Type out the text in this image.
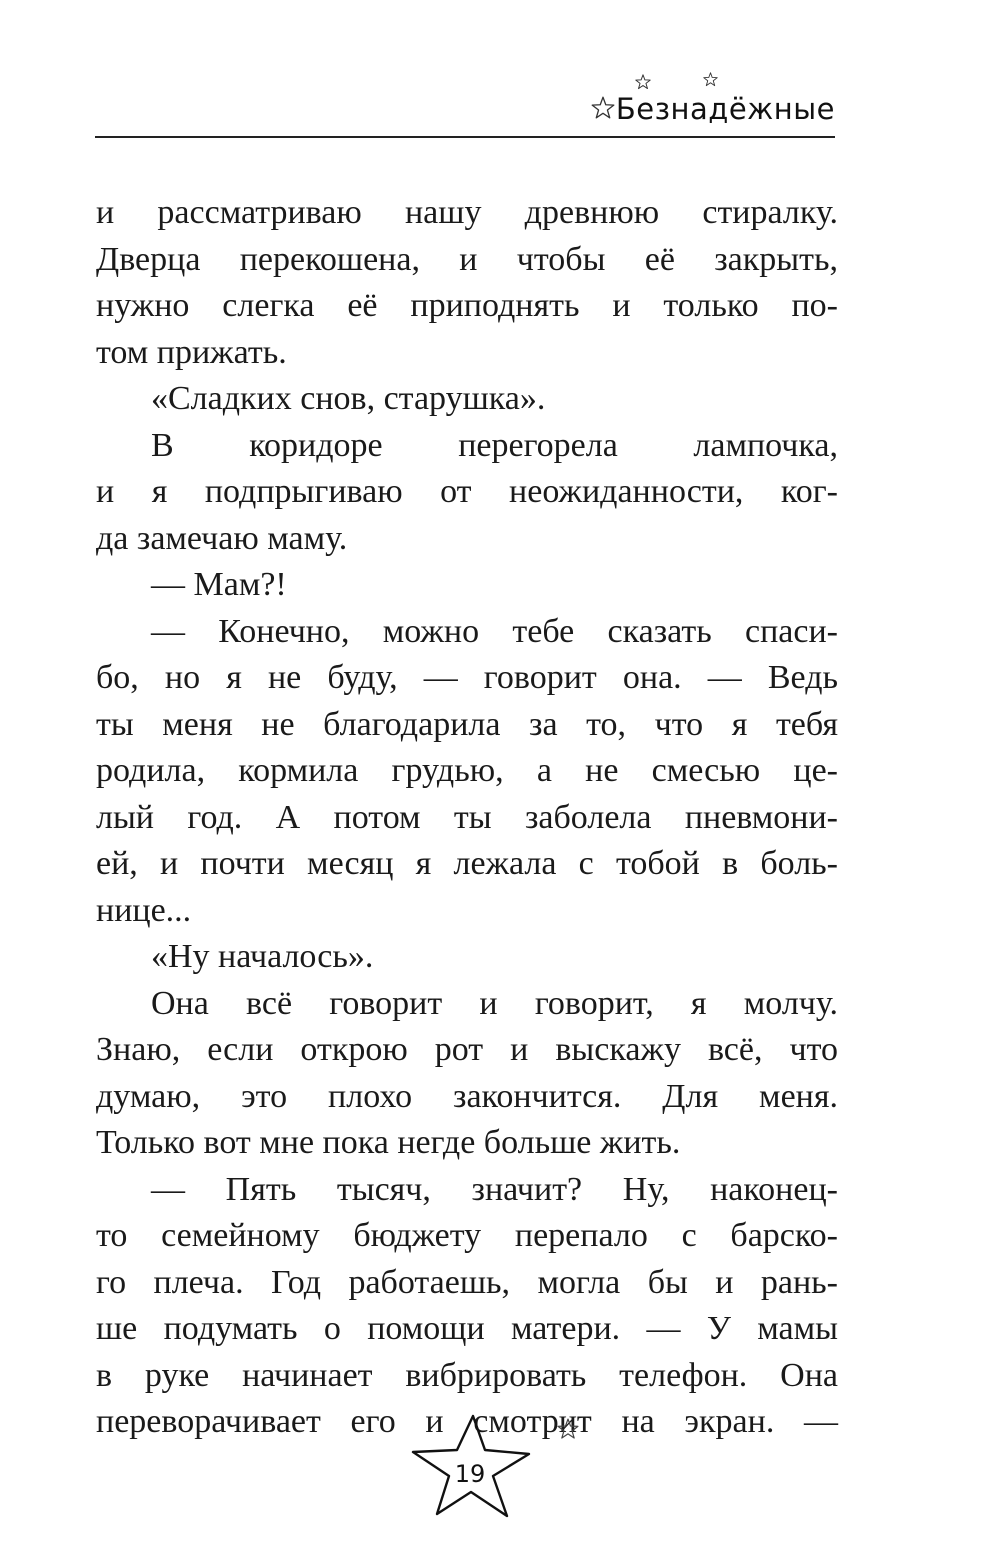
Безнадёжные

и рассматриваю нашу древнюю стиралку.

Дверца перекошена, и чтобы её закрыть,

нужно слегка её приподнять и только по-

том прижать.

«Сладких снов, старушка».

В коридоре перегорела лампочка,

и я подпрыгиваю от неожиданности, ког-

да замечаю маму.

— Мам?!

— Конечно, можно тебе сказать спаси-

бо, но я не буду, — говорит она. — Ведь

ты меня не благодарила за то, что я тебя

родила, кормила грудью, а не смесью це-

лый год. А потом ты заболела пневмони-

ей, и почти месяц я лежала с тобой в боль-

нице...

«Ну началось».

Она всё говорит и говорит, я молчу.

Знаю, если открою рот и выскажу всё, что

думаю, это плохо закончится. Для меня.

Только вот мне пока негде больше жить.

— Пять тысяч, значит? Ну, наконец-

то семейному бюджету перепало с барско-

го плеча. Год работаешь, могла бы и рань-

ше подумать о помощи матери. — У мамы

в руке начинает вибрировать телефон. Она

переворачивает его и смотрит на экран. —

19
